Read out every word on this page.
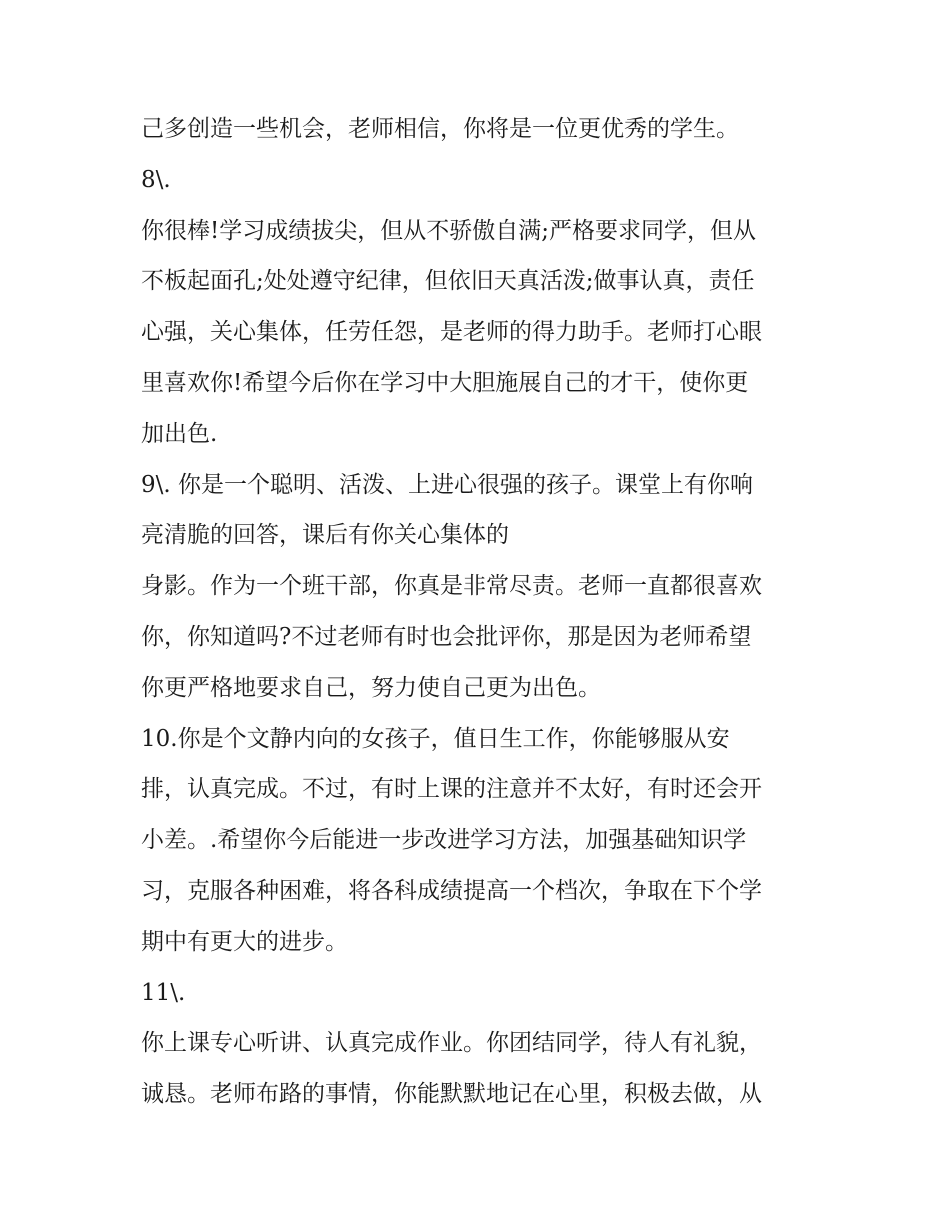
己多创造一些机会，老师相信，你将是一位更优秀的学生。
8\.
你很棒!学习成绩拔尖，但从不骄傲自满;严格要求同学，但从
不板起面孔;处处遵守纪律，但依旧天真活泼;做事认真，责任
心强，关心集体，任劳任怨，是老师的得力助手。老师打心眼
里喜欢你!希望今后你在学习中大胆施展自己的才干，使你更
加出色.
9\. 你是一个聪明、活泼、上进心很强的孩子。课堂上有你响
亮清脆的回答，课后有你关心集体的
身影。作为一个班干部，你真是非常尽责。老师一直都很喜欢
你，你知道吗?不过老师有时也会批评你，那是因为老师希望
你更严格地要求自己，努力使自己更为出色。
10.你是个文静内向的女孩子，值日生工作，你能够服从安
排，认真完成。不过，有时上课的注意并不太好，有时还会开
小差。.希望你今后能进一步改进学习方法，加强基础知识学
习，克服各种困难，将各科成绩提高一个档次，争取在下个学
期中有更大的进步。
11\.
你上课专心听讲、认真完成作业。你团结同学，待人有礼貌，
诚恳。老师布路的事情，你能默默地记在心里，积极去做，从
